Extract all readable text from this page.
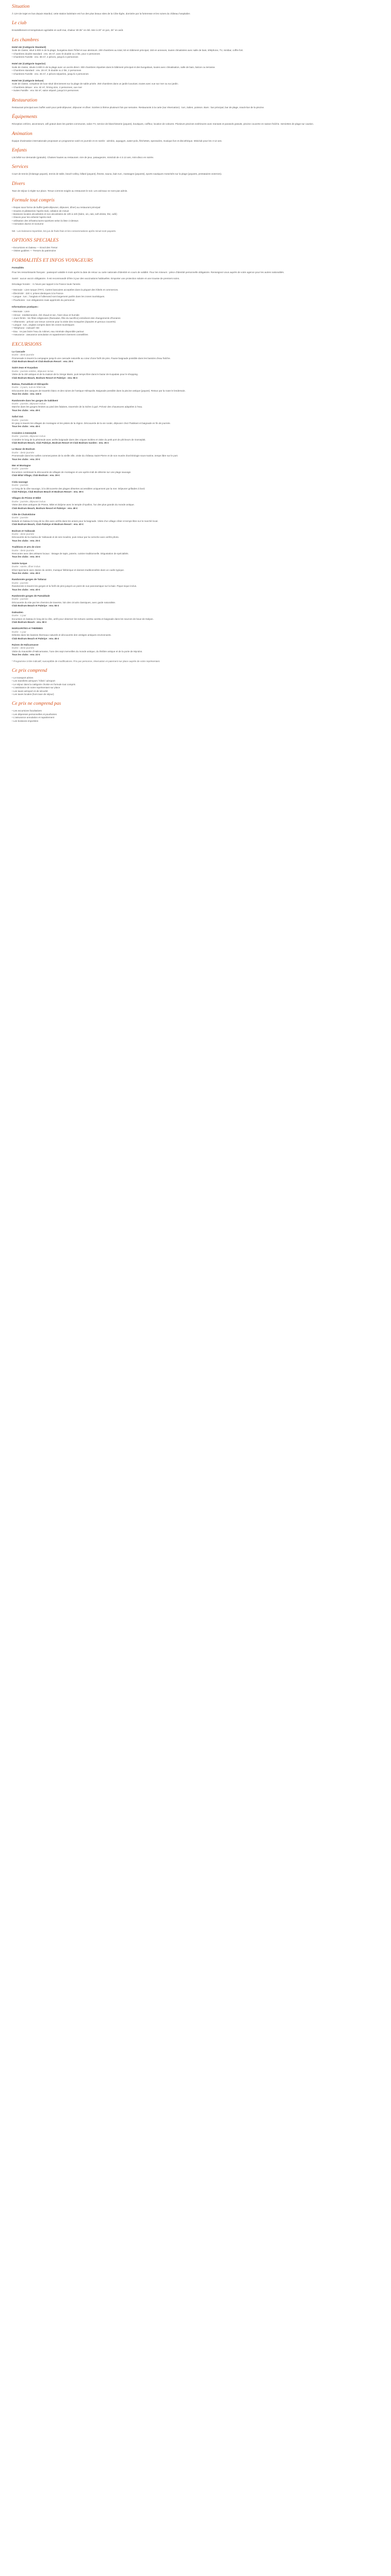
Situation

À 12H de trajet en bus depuis Istanbul, cette station balnéaire est l'un des plus beaux sites de la Côte Égée, dominée par la forteresse et les ruines du château hospitalier.

Le ciub

Ensoleillement et température agréable en avril-mai, chaleur 30-35° en été. Mer à 20° en juin, 25° en août.

Les chambres
Hotel 4★ (Catégorie Standard)
Suite de classe, situé à 800 m de la plage, bungalow dans l'hôtel et aux alentours. 200 chambres au total, 50 en bâtiment principal, 150 en annexes, toutes climatisées avec salle de bain, téléphone, TV, minibar, coffre-fort.
• Chambres double standard : env. 26 m², avec lit double ou 2 lits, pour 2 personnes
• Chambres Famille : env. 38 m², 2 pièces, jusqu'à 4 personnes
Hotel 4★ (Catégorie Superior)
Suite de classe, située à 600 m de la plage avec un accès direct. 300 chambres réparties dans le bâtiment principal et des bungalows, toutes avec climatisation, salle de bain, balcon ou terrasse.
• Chambres standard : env. 28 m², lit double ou 2 lits, 2 personnes
• Chambres Famille : env. 45 m², 2 pièces séparées, jusqu'à 4 personnes
Hotel 5★ (Catégorie Deluxe)
Suite de classe, complexe de luxe situé directement sur la plage de sable privée. 250 chambres dans un jardin luxuriant, toutes avec vue sur mer ou sur jardin.
• Chambres deluxe : env. 32 m², lit king size, 2 personnes, vue mer
• Suites Famille : env. 55 m², salon séparé, jusqu'à 5 personnes
Restauration

Restaurant principal avec buffet varié pour petit-déjeuner, déjeuner et dîner. Soirées à thème plusieurs fois par semaine. Restaurants à la carte (sur réservation) : turc, italien, poisson. Bars : bar principal, bar de plage, snack-bar de la piscine.

Équipements

Réception 24h/24, ascenseurs, wifi gratuit dans les parties communes, salon TV, service de blanchisserie (payant), boutiques, coiffeur, location de voitures. Plusieurs piscines extérieures avec transats et parasols gratuits, piscine couverte en saison fraîche. Serviettes de plage sur caution.

Animation

Équipe d'animation internationale proposant un programme varié en journée et en soirée : aérobic, aquagym, water-polo, fléchettes, spectacles, musique live et discothèque. Miniclub pour les 4-12 ans.

Enfants

Lits bébé sur demande (gratuits). Chaises hautes au restaurant. Aire de jeux, pataugeoire, miniclub de 4 à 12 ans, mini-disco en soirée.

Services

Court de tennis (éclairage payant), tennis de table, beach-volley, billard (payant), fitness, sauna, bain turc, massages (payants), sports nautiques motorisés sur la plage (payants, prestataires externes).

Divers

Taxe de séjour à régler sur place. Tenue correcte exigée au restaurant le soir. Les animaux ne sont pas admis.

Formule tout compris
• Repas sous forme de buffet (petit-déjeuner, déjeuner, dîner) au restaurant principal
• Snacks et pâtisseries l'après-midi, collation de minuit
• Boissons locales alcoolisées et non alcoolisées de 10h à 24h (bière, vin, raki, soft drinks, thé, café)
• Glaces pour les enfants l'après-midi
• Utilisation des infrastructures sportives selon la liste ci-dessus
• Animation diurne et nocturne

NB : Les boissons importées, les jus de fruits frais et les consommations après minuit sont payants.

OPTIONS SPECIALES
• Excursions en bateau — Envol des Tresor
• Visites guidées — Tresors du patrimoine
FORMALITÉS ET INFOS VOYAGEURS

Formalités

Pour les ressortissants français : passeport valable 6 mois après la date de retour ou carte nationale d'identité en cours de validité. Pour les mineurs : pièce d'identité personnelle obligatoire. Renseignez-vous auprès de votre agence pour les autres nationalités.

Santé : aucun vaccin obligatoire. Il est recommandé d'être à jour des vaccinations habituelles. Emporter une protection solaire et une trousse de premiers soins.

Décalage horaire : +1 heure par rapport à la France toute l'année.

• Monnaie : Livre turque (TRY). Cartes bancaires acceptées dans la plupart des hôtels et commerces.
• Électricité : 220 V, prises identiques à la France.
• Langue : turc ; l'anglais et l'allemand sont largement parlés dans les zones touristiques.
• Pourboires : non obligatoires mais appréciés du personnel.

Informations pratiques :

• Monnaie : Livre
• Climat : méditerranéen, été chaud et sec, hiver doux et humide
• Jours fériés : les fêtes religieuses (Ramadan, fête du sacrifice) entraînent des changements d'horaires
• Vêtements : prévoir une tenue correcte pour la visite des mosquées (épaules et genoux couverts)
• Langue : turc, anglais compris dans les zones touristiques
• Téléphone : indicatif +90
• Eau : ne pas boire l'eau du robinet, eau minérale disponible partout
• Assurance : assurance annulation et rapatriement vivement conseillées
EXCURSIONS
La Cascade
Durée : demi-journée
Promenade à travers la campagne jusqu'à une cascade naturelle au cœur d'une forêt de pins. Pause baignade possible dans les bassins d'eau fraîche.
Club Bodrum Beach et Club Bodrum Resort : env. 25 €
Saint-Jean et Kuşadası
Durée : journée entière, déjeuner inclus
Visite de la cité antique et de la maison de la Vierge Marie, puis temps libre dans le bazar de Kuşadası pour le shopping.
Club Bodrum Beach, Bodrum Resort et Palmiye : env. 55 €
Bateau, Pamukkale et Hiérapolis
Durée : 2 jours, nuit en hôtel 4★
Découverte des vasques de travertin blanc et des ruines de l'antique Hiérapolis. Baignade possible dans la piscine antique (payant). Retour par la route le lendemain.
Tous les clubs : env. 115 €
Randonnée dans les gorges de Saklıkent
Durée : journée, déjeuner inclus
Marche dans les gorges étroites au pied des falaises, traversée de la rivière à gué. Prévoir des chaussures adaptées à l'eau.
Tous les clubs : env. 49 €
Safari 4x4
Durée : journée
En jeep à travers les villages de montagne et les pistes de la région. Découverte de la vie rurale, déjeuner chez l'habitant et baignade en fin de journée.
Tous les clubs : env. 45 €
Croisière à Gümüşlük
Durée : journée, déjeuner inclus
Croisière le long de la péninsule avec arrêts baignade dans des criques isolées et visite du petit port de pêcheurs de Gümüşlük.
Club Bodrum Beach, Club Palmiye, Bodrum Resort et Club Bodrum Garden : env. 35 €
Le Bazar de Bodrum
Durée : demi-journée
Promenade dans les ruelles commerçantes de la vieille ville, visite du château Saint-Pierre et de son musée d'archéologie sous-marine, temps libre sur le port.
Tous les clubs : env. 20 €
Mer et Montagne
Durée : journée
Excursion combinant la découverte de villages de montagne et une après-midi de détente sur une plage sauvage.
Club Milat Village, Club Bodrum : env. 39 €
Ciola sauvage
Durée : journée
Le long de la côte sauvage, à la découverte des plages désertes accessibles uniquement par la mer. Déjeuner grillades à bord.
Club Palmiye, Club Bodrum Beach et Bodrum Resort : env. 39 €
Villages de Priene et Milet
Durée : journée, déjeuner inclus
Visite des sites antiques de Priene, Milet et Didyme avec le temple d'Apollon, l'un des plus grands du monde antique.
Club Bodrum Beach, Bodrum Resort et Palmiye : env. 49 €
Côte de Chalcédoine
Durée : journée
Balade en bateau le long de la côte avec arrêts dans les anses pour la baignade. Visite d'un village côtier et temps libre sur le marché local.
Club Bodrum Beach, Club Palmiye et Bodrum Resort : env. 40 €
Bodrum et Yalıkavak
Durée : demi-journée
Découverte de la marina de Yalıkavak et de ses moulins, puis retour par la corniche avec arrêts photo.
Tous les clubs : env. 25 €
Traditions et arts de vivre
Durée : demi-journée
Rencontre avec des artisans locaux : tissage de tapis, poterie, cuisine traditionnelle. Dégustation de spécialités.
Tous les clubs : env. 30 €
Soirée turque
Durée : soirée, dîner inclus
Dîner-spectacle avec danse du ventre, musique folklorique et danses traditionnelles dans un cadre typique.
Tous les clubs : env. 45 €
Randonnée gorges de Tattaraz
Durée : journée
Randonnée à travers les gorges et la forêt de pins jusqu'à un point de vue panoramique sur la baie. Pique-nique inclus.
Tous les clubs : env. 40 €
Randonnée gorges de Pamukkale
Durée : journée
Découverte du site par les chemins de traverse, loin des circuits classiques, avec guide naturaliste.
Club Bodrum Beach et Palmiye : env. 55 €
Dalmatien
Durée : 1 jour
Excursion en bateau le long de la côte, arrêt pour observer les tortues caretta caretta et baignade dans les sources de boue de Dalyan.
Club Bodrum Beach : env. 59 €
MARGARITES et THERMES
Durée : 1 jour
Détente dans les bassins thermaux naturels et découverte des vestiges antiques environnants.
Club Bodrum Beach et Palmiye : env. 45 €
Ruines de Halicarnasse
Durée : demi-journée
Visite du mausolée d'Halicarnasse, l'une des sept merveilles du monde antique, du théâtre antique et de la porte de Myndos.
Tous les clubs : env. 22 €

* Programme à titre indicatif, susceptible de modifications. Prix par personne, réservation et paiement sur place auprès de votre représentant.

Ce prix comprend
• Le transport aérien
• Les transferts aéroport / hôtel / aéroport
• Le séjour dans la catégorie choisie en formule tout compris
• L'assistance de notre représentant sur place
• Les taxes aéroport et de sécurité
• Les taxes locales (hors taxe de séjour)
Ce prix ne comprend pas
• Les excursions facultatives
• Les dépenses personnelles et pourboires
• L'assurance annulation et rapatriement
• Les boissons importées
